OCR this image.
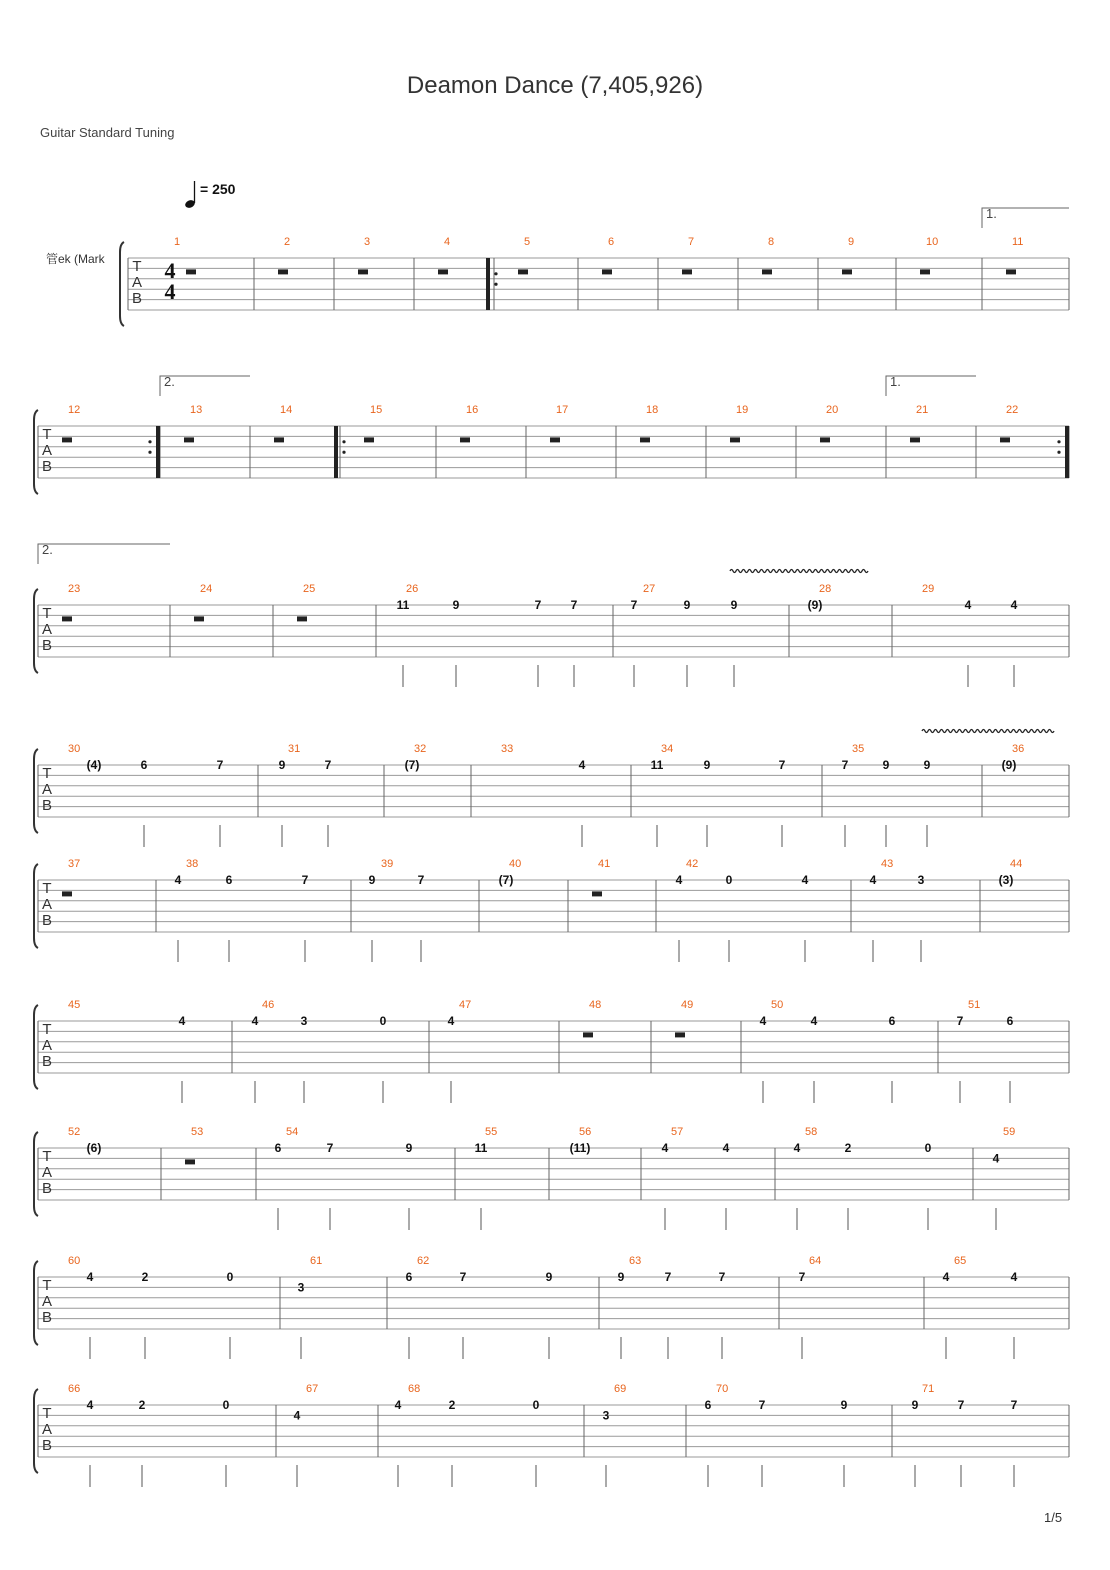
Deamon Dance (7,405,926)
Guitar Standard Tuning
= 250
管ek (Mark
1/5
T
A
B
1	2	3	4	5	6	7	8	9	10	11
T
A
B
12	13	14	15	16	17	18	19	20	21	22
T
A
B
23	24	25	26
11	9	7 7
27
7	9	9
28
(9)
29
4	4
T
A
B
30
(4)	6	7
31
9	7
32
(7)
33
4
34
11	9	7
35
7	9	9
36
(9)
T
A
B
37	38
4	6	7
39
9	7
40
(7)
41	42
4	0	4
43
4	3
44
(3)
T
A
B
45
4
46
4	3	0
47
4
48	49	50
4	4	6
51
7	6
T
A
B
52
(6)
53	54
6	7	9
55
11
56
(11)
57
4	4
58
4	2	0
59
4
T
A
B
60
4	2	0
61
3
62
6	7	9
63
9	7	7
64
7
65
4	4
T
A
B
66
4	2	0
67
4
68
4	2	0
69
3
70
6	7	9
71
9	7	7
4
4
1.
2.	1.
2.
